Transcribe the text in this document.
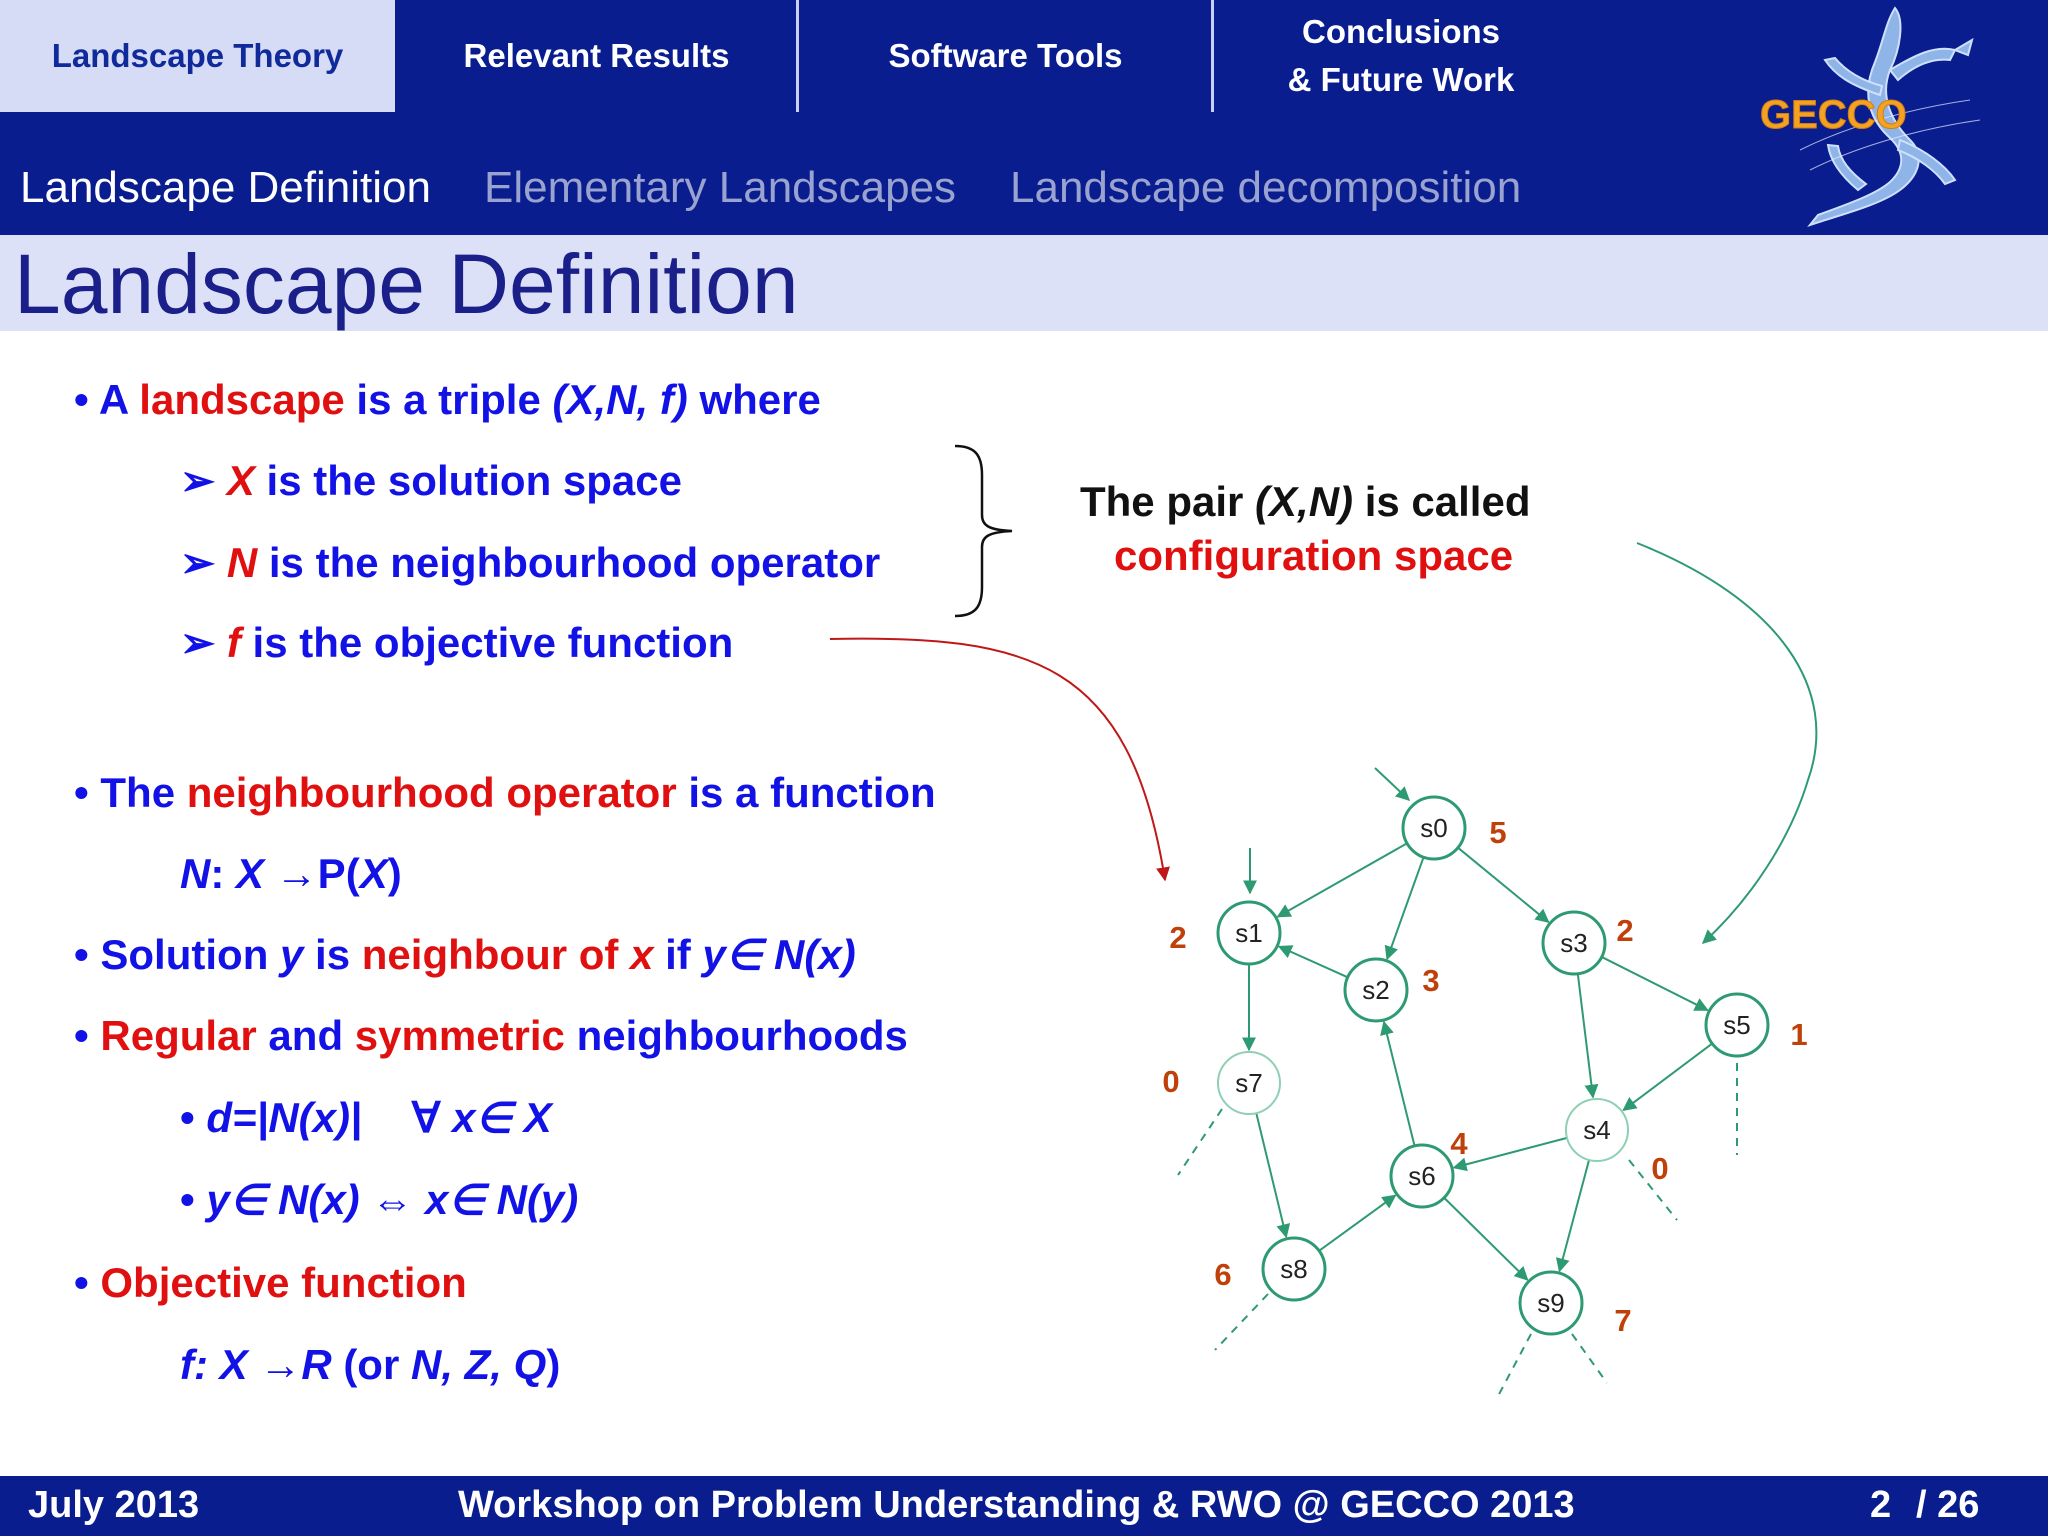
Landscape Theory	Relevant Results	Software Tools
Conclusions
& Future Work
Landscape Definition Elementary Landscapes Landscape decomposition
GECCO
Landscape Definition
• A landscape is a triple (X,N, f) where
➢ X is the solution space
➢ N is the neighbourhood operator
➢ f is the objective function
The pair (X,N) is called
configuration space
• The neighbourhood operator is a function
N: X →P(X)
• Solution y is neighbour of x if y∈ N(x)
• Regular and symmetric neighbourhoods
• d=|N(x)| ∀ x∈ X
• y∈ N(x) ⇔ x∈ N(y)
• Objective function
f: X →R (or N, Z, Q)
s0 5
s1
2
s2 3
s3 2
s4
0
s5 1
s6
4
s7
0
s8
6
s9 7
July 2013	Workshop on Problem Understanding & RWO @ GECCO 2013	2 / 26
